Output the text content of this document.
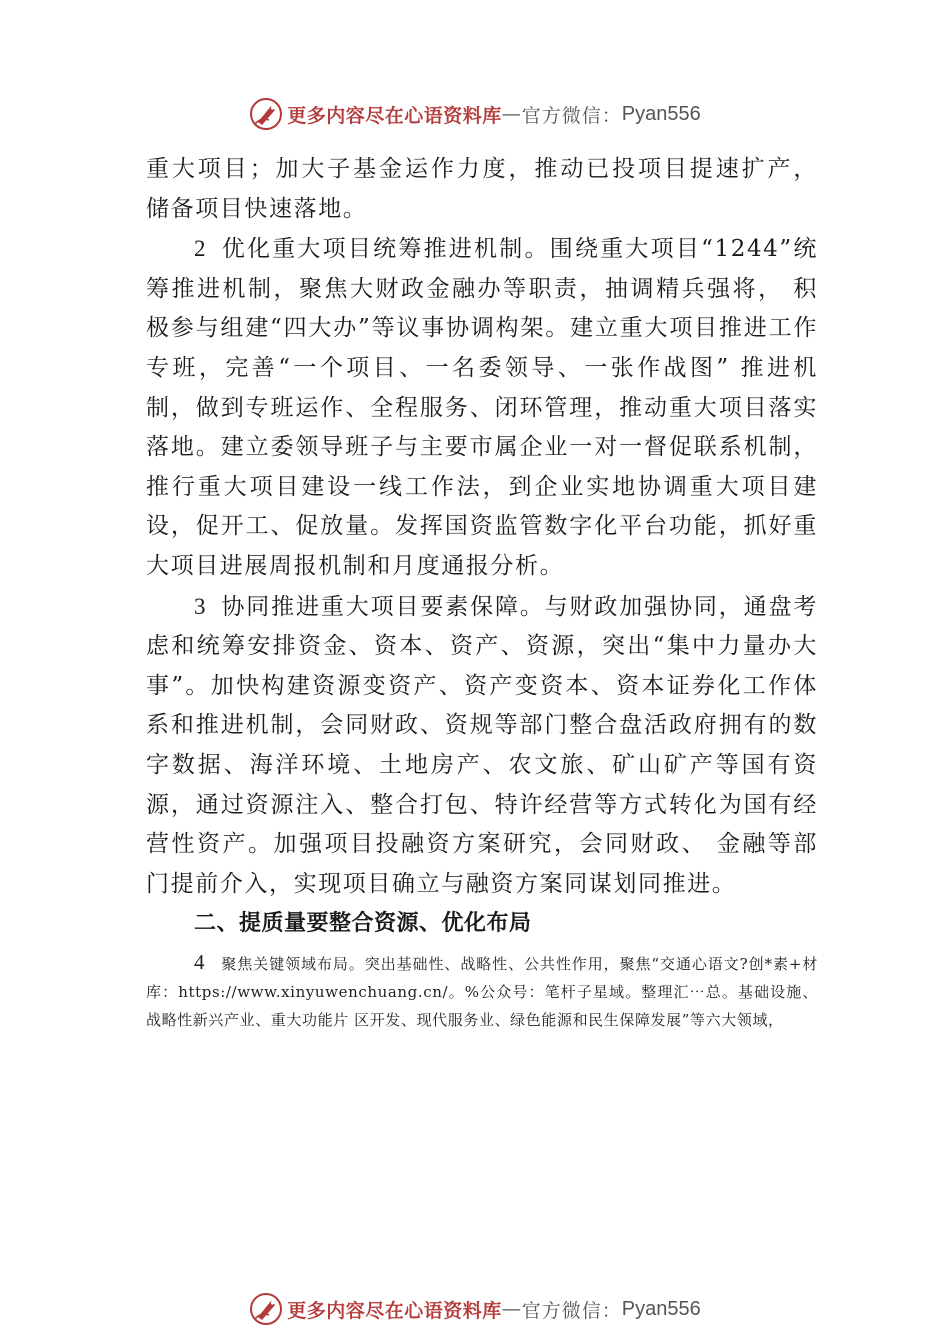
更多内容尽在心语资料库 — 官方微信： Pyan556

重大项目；加大子基金运作力度，推动已投项目提速扩产， 储备项目快速落地。

2 优化重大项目统筹推进机制。围绕重大项目“1244”统筹推进机制，聚焦大财政金融办等职责，抽调精兵强将， 积极参与组建“四大办”等议事协调构架。建立重大项目推进工作专班，完善“一个项目、一名委领导、一张作战图” 推进机制，做到专班运作、全程服务、闭环管理，推动重大项目落实落地。建立委领导班子与主要市属企业一对一督促联系机制，推行重大项目建设一线工作法，到企业实地协调重大项目建设，促开工、促放量。发挥国资监管数字化平台功能，抓好重大项目进展周报机制和月度通报分析。

3 协同推进重大项目要素保障。与财政加强协同，通盘考虑和统筹安排资金、资本、资产、资源，突出“集中力量办大事”。加快构建资源变资产、资产变资本、资本证券化工作体系和推进机制，会同财政、资规等部门整合盘活政府拥有的数字数据、海洋环境、土地房产、农文旅、矿山矿产等国有资源，通过资源注入、整合打包、特许经营等方式转化为国有经营性资产。加强项目投融资方案研究，会同财政、 金融等部门提前介入，实现项目确立与融资方案同谋划同推进。

二、提质量要整合资源、优化布局

4 聚焦关键领域布局。突出基础性、战略性、公共性作用，聚焦“交通心语文?创*素+材库：https://www.xinyuwenchuang.cn/。%公众号：笔杆子星域。整理汇⋯总。基础设施、战略性新兴产业、重大功能片 区开发、现代服务业、绿色能源和民生保障发展”等六大领域，

更多内容尽在心语资料库 — 官方微信： Pyan556
